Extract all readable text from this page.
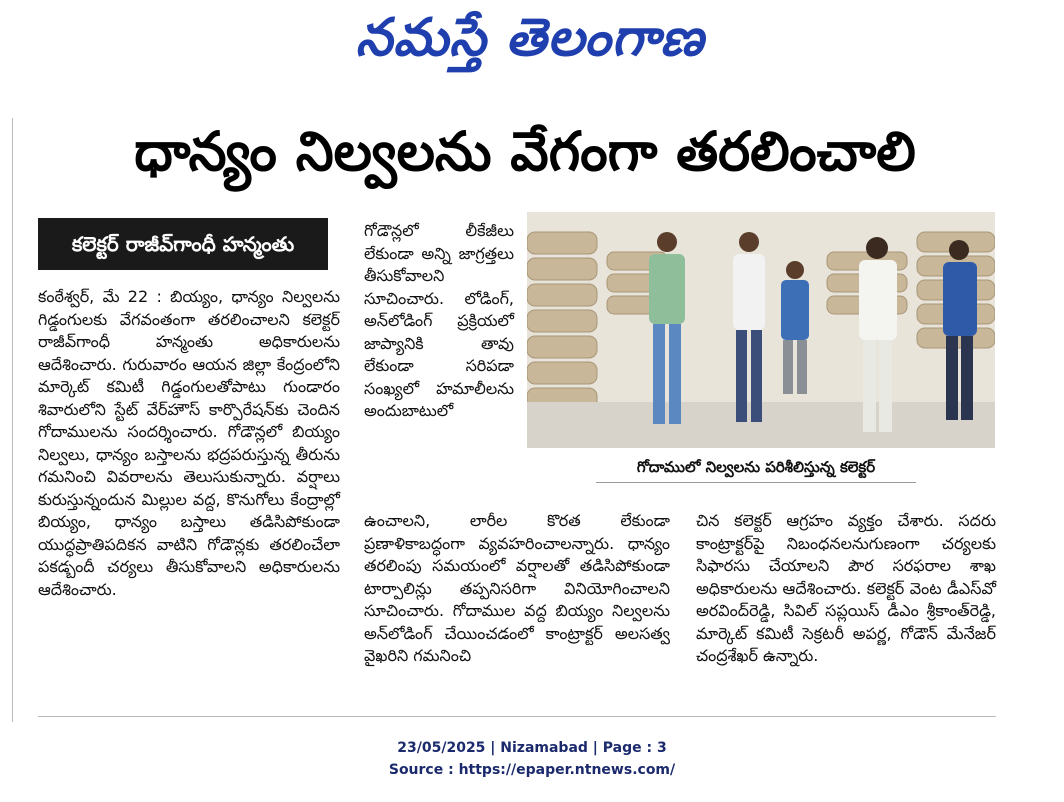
నమస్తే తెలంగాణ
ధాన్యం నిల్వలను వేగంగా తరలించాలి
కలెక్టర్ రాజీవ్‌గాంధీ హన్మంతు

కంఠేశ్వర్, మే 22 : బియ్యం, ధాన్యం నిల్వలను గిడ్డంగులకు వేగవంతంగా తరలించాలని కలెక్టర్ రాజీవ్‌గాంధీ హన్మంతు అధికారులను ఆదేశించారు. గురువారం ఆయన జిల్లా కేంద్రంలోని మార్కెట్ కమిటీ గిడ్డంగులతోపాటు గుండారం శివారులోని స్టేట్ వేర్‌హౌస్ కార్పొరేషన్‌కు చెందిన గోదాములను సందర్శించారు. గోడౌన్లలో బియ్యం నిల్వలు, ధాన్యం బస్తాలను భద్రపరుస్తున్న తీరును గమనించి వివరాలను తెలుసుకున్నారు. వర్షాలు కురుస్తున్నందున మిల్లుల వద్ద, కొనుగోలు కేంద్రాల్లో బియ్యం, ధాన్యం బస్తాలు తడిసిపోకుండా యుద్ధప్రాతిపదికన వాటిని గోడౌన్లకు తరలించేలా పకడ్బందీ చర్యలు తీసుకోవాలని అధికారులను ఆదేశించారు.

గోడౌన్లలో లీకేజీలు లేకుండా అన్ని జాగ్రత్తలు తీసుకోవాలని సూచించారు. లోడింగ్, అన్‌లోడింగ్ ప్రక్రియలో జాప్యానికి తావు లేకుండా సరిపడా సంఖ్యలో హమాలీలను అందుబాటులో

గోదాములో నిల్వలను పరిశీలిస్తున్న కలెక్టర్

ఉంచాలని, లారీల కొరత లేకుండా ప్రణాళికాబద్ధంగా వ్యవహరించాలన్నారు. ధాన్యం తరలింపు సమయంలో వర్షాలతో తడిసిపోకుండా టార్పాలిన్లు తప్పనిసరిగా వినియోగించాలని సూచించారు. గోదాముల వద్ద బియ్యం నిల్వలను అన్‌లోడింగ్ చేయించడంలో కాంట్రాక్టర్ అలసత్వ వైఖరిని గమనించి

చిన కలెక్టర్ ఆగ్రహం వ్యక్తం చేశారు. సదరు కాంట్రాక్టర్‌పై నిబంధనలనుగుణంగా చర్యలకు సిఫారసు చేయాలని పౌర సరఫరాల శాఖ అధికారులను ఆదేశించారు. కలెక్టర్ వెంట డీఎస్‌వో అరవింద్‌రెడ్డి, సివిల్ సప్లయిస్ డీఎం శ్రీకాంత్‌రెడ్డి, మార్కెట్ కమిటీ సెక్రటరీ అపర్ణ, గోడౌన్ మేనేజర్ చంద్రశేఖర్ ఉన్నారు.

23/05/2025 | Nizamabad | Page : 3
Source : https://epaper.ntnews.com/
